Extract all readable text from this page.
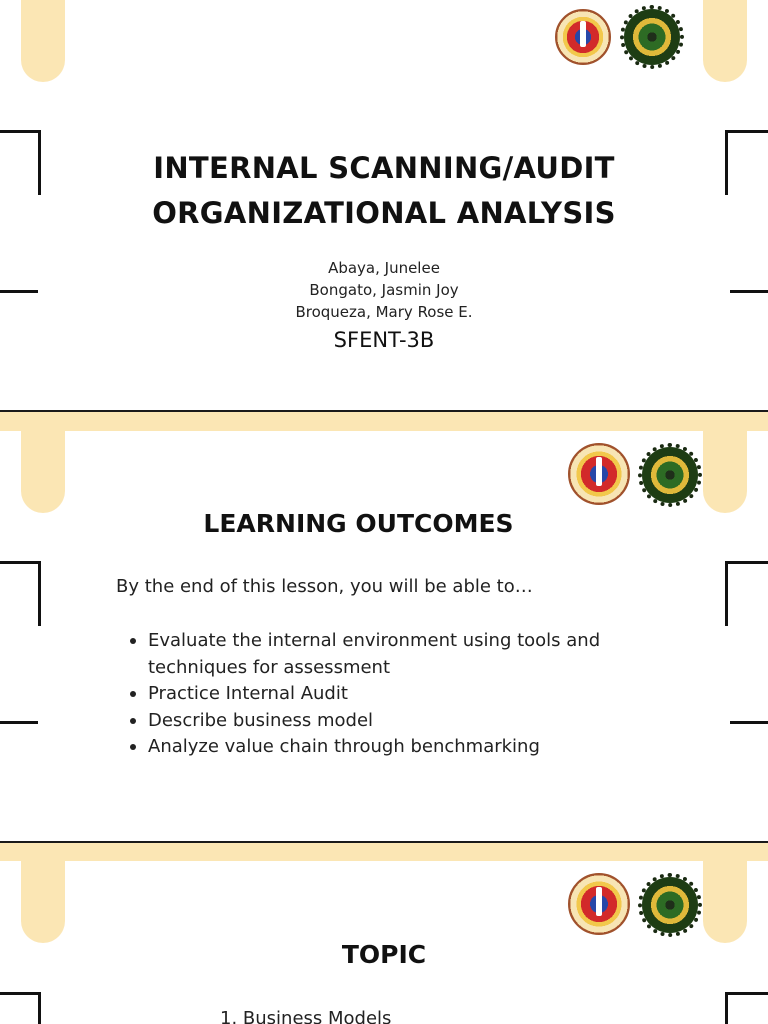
INTERNAL SCANNING/AUDIT
ORGANIZATIONAL ANALYSIS
Abaya, Junelee
Bongato, Jasmin Joy
Broqueza, Mary Rose E.
SFENT-3B
LEARNING OUTCOMES
By the end of this lesson, you will be able to…
Evaluate the internal environment using tools and techniques for assessment
Practice Internal Audit
Describe business model
Analyze value chain through benchmarking
TOPIC
1. Business Models
